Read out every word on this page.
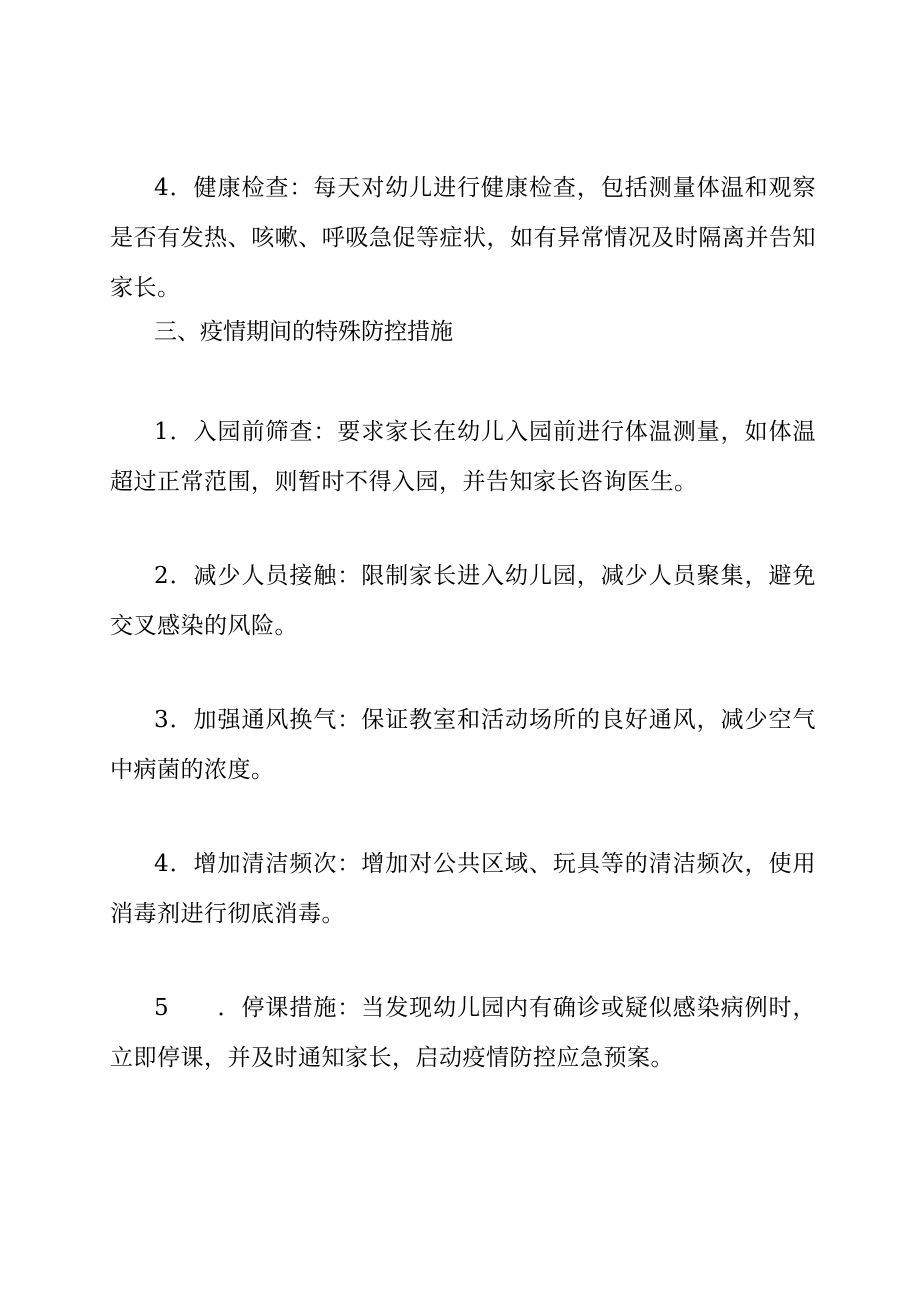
4．健康检查：每天对幼儿进行健康检查，包括测量体温和观察是否有发热、咳嗽、呼吸急促等症状，如有异常情况及时隔离并告知家长。

三、疫情期间的特殊防控措施

1．入园前筛查：要求家长在幼儿入园前进行体温测量，如体温超过正常范围，则暂时不得入园，并告知家长咨询医生。

2．减少人员接触：限制家长进入幼儿园，减少人员聚集，避免交叉感染的风险。

3．加强通风换气：保证教室和活动场所的良好通风，减少空气中病菌的浓度。

4．增加清洁频次：增加对公共区域、玩具等的清洁频次，使用消毒剂进行彻底消毒。

5　　．停课措施：当发现幼儿园内有确诊或疑似感染病例时，立即停课，并及时通知家长，启动疫情防控应急预案。
